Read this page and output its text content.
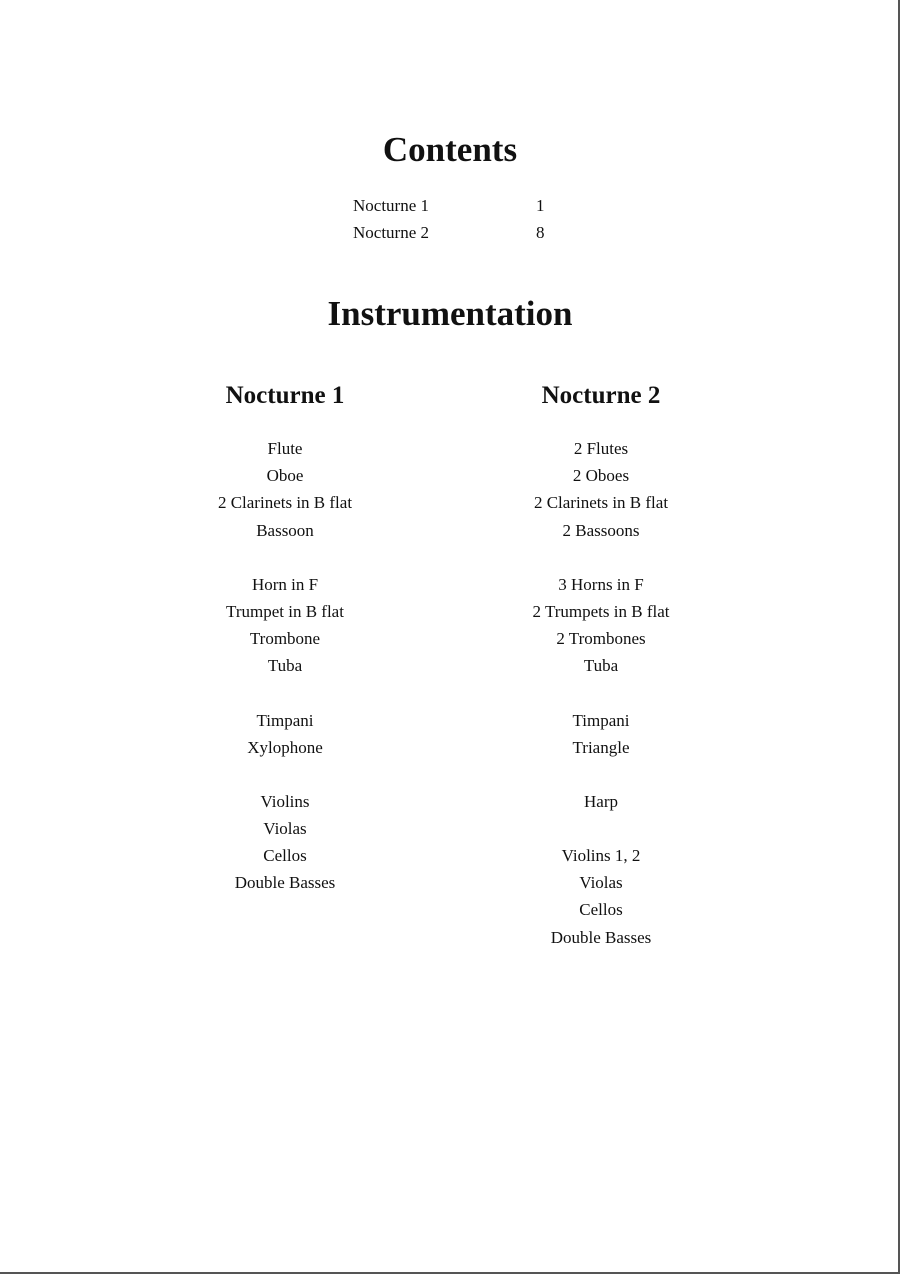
Contents
Nocturne 1	1
Nocturne 2	8
Instrumentation
Nocturne 1
Flute
Oboe
2 Clarinets in B flat
Bassoon
Horn in F
Trumpet in B flat
Trombone
Tuba
Timpani
Xylophone
Violins
Violas
Cellos
Double Basses
Nocturne 2
2 Flutes
2 Oboes
2 Clarinets in B flat
2 Bassoons
3 Horns in F
2 Trumpets in B flat
2 Trombones
Tuba
Timpani
Triangle
Harp
Violins 1, 2
Violas
Cellos
Double Basses
